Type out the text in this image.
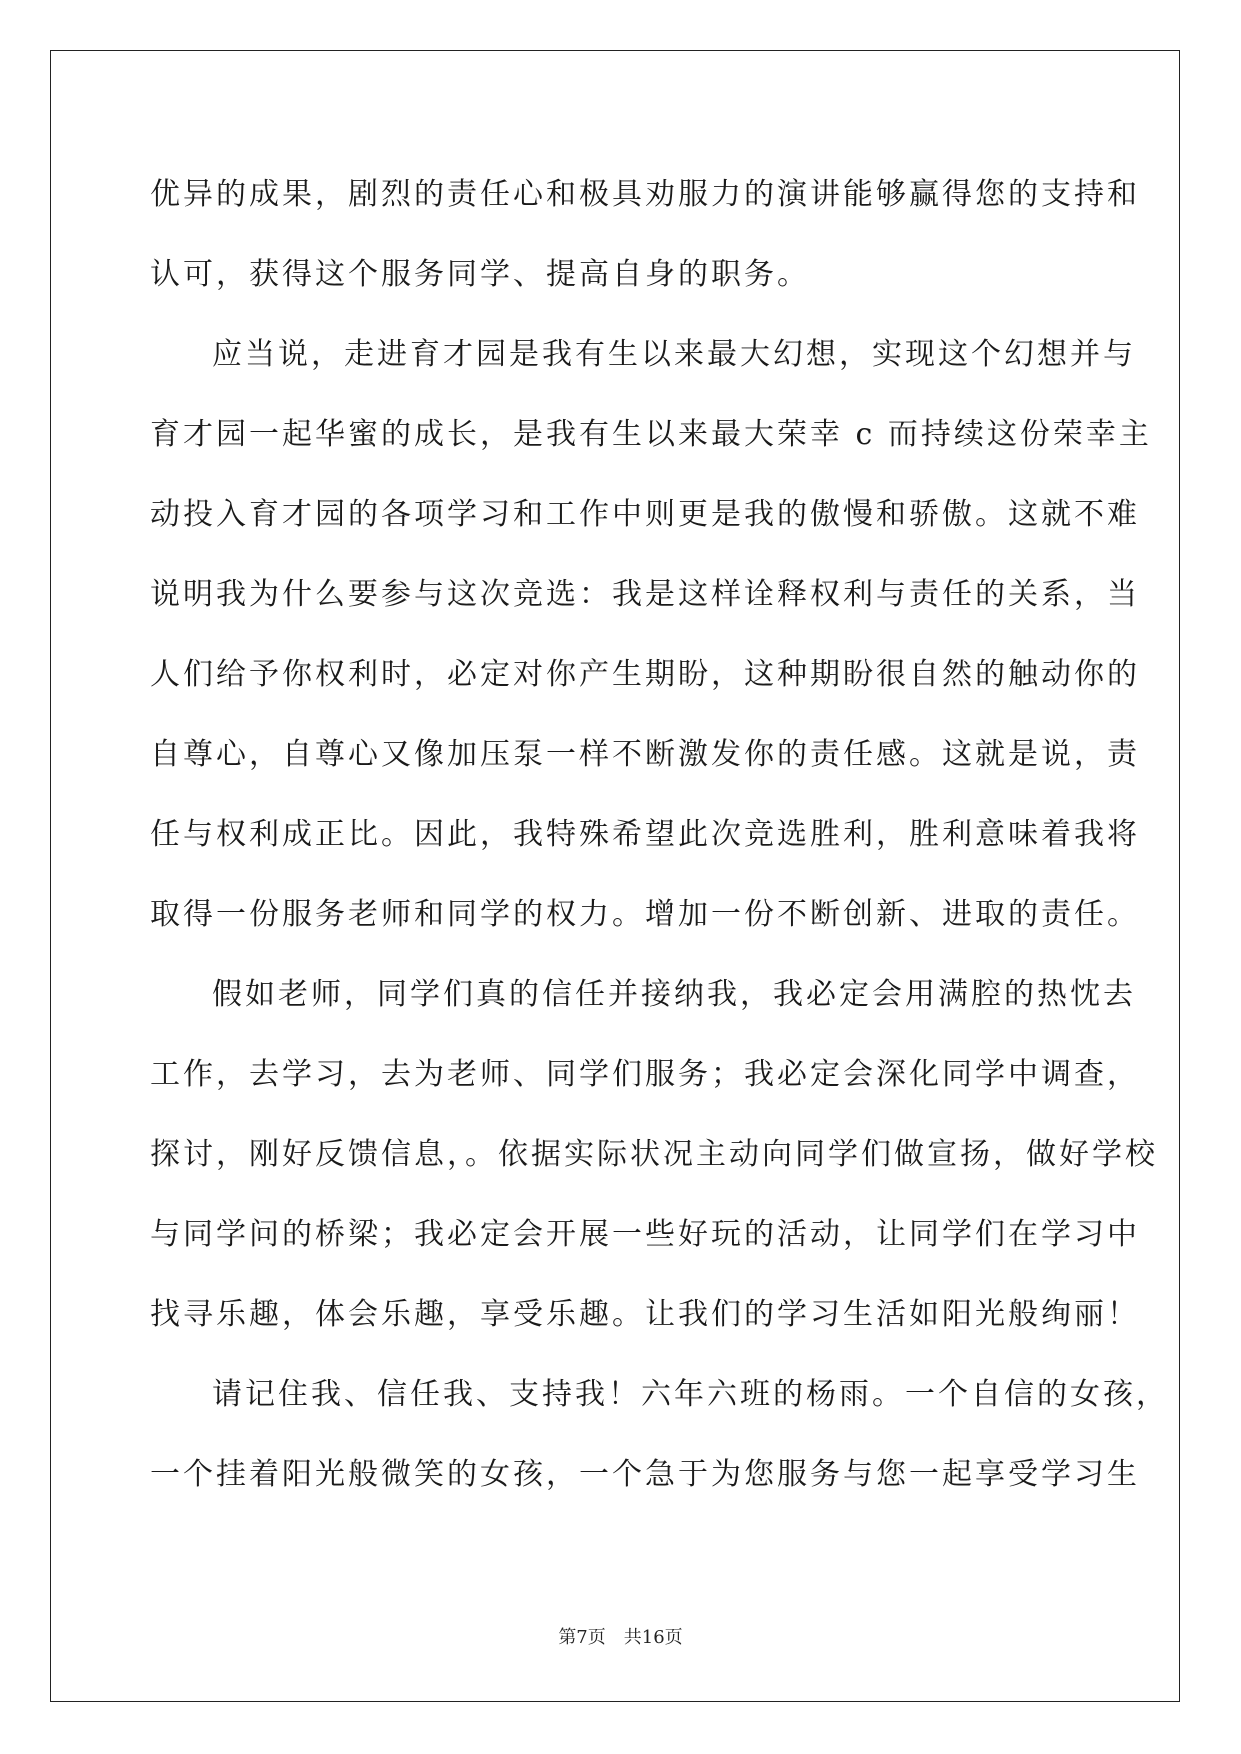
优异的成果，剧烈的责任心和极具劝服力的演讲能够赢得您的支持和
认可，获得这个服务同学、提高自身的职务。
应当说，走进育才园是我有生以来最大幻想，实现这个幻想并与
育才园一起华蜜的成长，是我有生以来最大荣幸 c 而持续这份荣幸主
动投入育才园的各项学习和工作中则更是我的傲慢和骄傲。这就不难
说明我为什么要参与这次竞选：我是这样诠释权利与责任的关系，当
人们给予你权利时，必定对你产生期盼，这种期盼很自然的触动你的
自尊心，自尊心又像加压泵一样不断激发你的责任感。这就是说，责
任与权利成正比。因此，我特殊希望此次竞选胜利，胜利意味着我将
取得一份服务老师和同学的权力。增加一份不断创新、进取的责任。
假如老师，同学们真的信任并接纳我，我必定会用满腔的热忱去
工作，去学习，去为老师、同学们服务；我必定会深化同学中调查，
探讨，刚好反馈信息，。依据实际状况主动向同学们做宣扬，做好学校
与同学问的桥梁；我必定会开展一些好玩的活动，让同学们在学习中
找寻乐趣，体会乐趣，享受乐趣。让我们的学习生活如阳光般绚丽！
请记住我、信任我、支持我！六年六班的杨雨。一个自信的女孩，
一个挂着阳光般微笑的女孩，一个急于为您服务与您一起享受学习生
第7页 共16页
